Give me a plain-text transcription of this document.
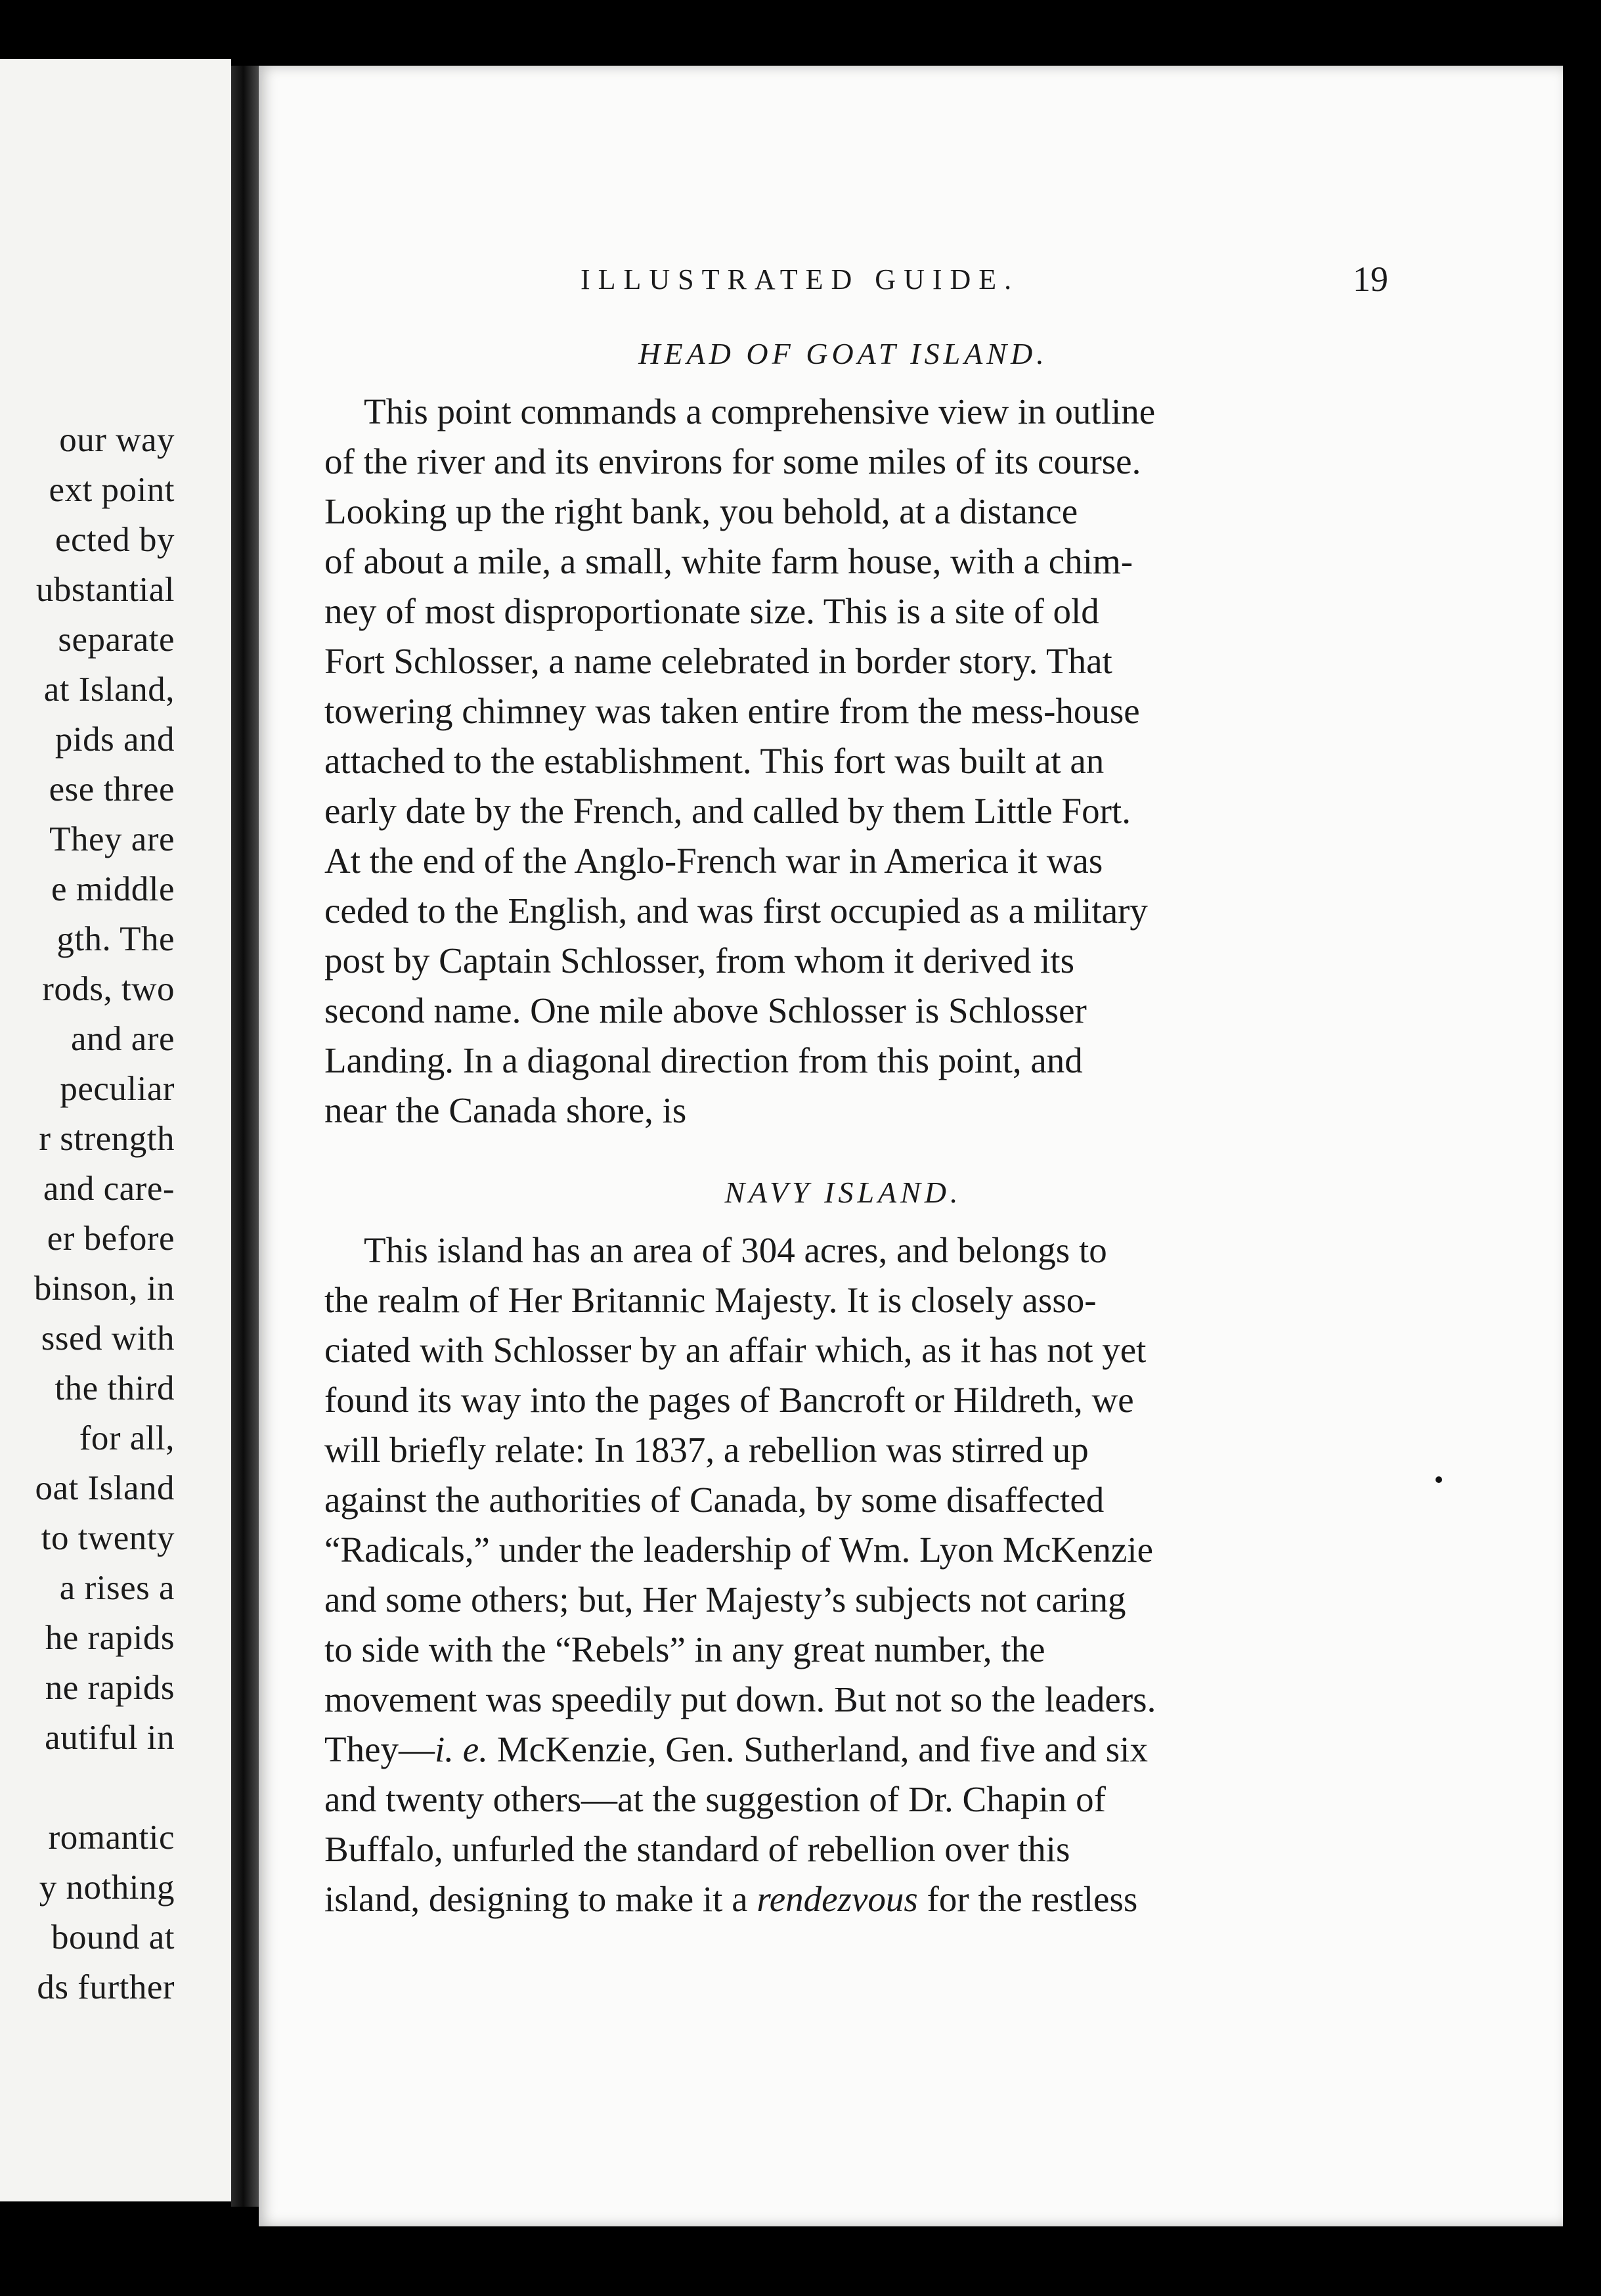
our way
ext point
ected by
ubstantial
separate
at Island,
pids and
ese three
They are
e middle
gth. The
rods, two
and are
peculiar
r strength
and care-
er before
binson, in
ssed with
the third
for all,
oat Island
to twenty
a rises a
he rapids
ne rapids
autiful in
romantic
y nothing
bound at
ds further
ILLUSTRATED GUIDE.	19
HEAD OF GOAT ISLAND.

This point commands a comprehensive view in outline
of the river and its environs for some miles of its course.
Looking up the right bank, you behold, at a distance
of about a mile, a small, white farm house, with a chim-
ney of most disproportionate size. This is a site of old
Fort Schlosser, a name celebrated in border story. That
towering chimney was taken entire from the mess-house
attached to the establishment. This fort was built at an
early date by the French, and called by them Little Fort.
At the end of the Anglo-French war in America it was
ceded to the English, and was first occupied as a military
post by Captain Schlosser, from whom it derived its
second name. One mile above Schlosser is Schlosser
Landing. In a diagonal direction from this point, and
near the Canada shore, is

NAVY ISLAND.

This island has an area of 304 acres, and belongs to
the realm of Her Britannic Majesty. It is closely asso-
ciated with Schlosser by an affair which, as it has not yet
found its way into the pages of Bancroft or Hildreth, we
will briefly relate: In 1837, a rebellion was stirred up
against the authorities of Canada, by some disaffected
“Radicals,” under the leadership of Wm. Lyon McKenzie
and some others; but, Her Majesty’s subjects not caring
to side with the “Rebels” in any great number, the
movement was speedily put down. But not so the leaders.
They—i. e. McKenzie, Gen. Sutherland, and five and six
and twenty others—at the suggestion of Dr. Chapin of
Buffalo, unfurled the standard of rebellion over this
island, designing to make it a rendezvous for the restless
